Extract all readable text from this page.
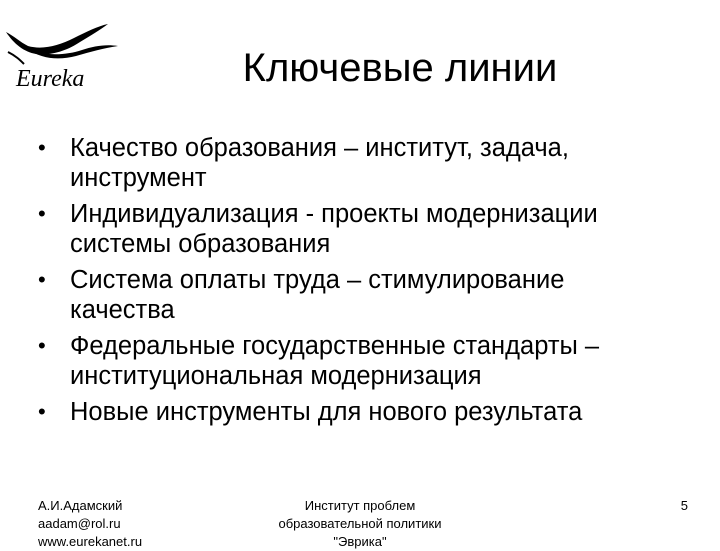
Eureka	Ключевые линии
• Качество образования – институт, задача,
инструмент
• Индивидуализация - проекты модернизации
системы образования
• Система оплаты труда – стимулирование
качества
• Федеральные государственные стандарты –
институциональная модернизация
• Новые инструменты для нового результата
А.И.Адамский
aadam@rol.ru
www.eurekanet.ru
Институт проблем
образовательной политики
"Эврика"
5
